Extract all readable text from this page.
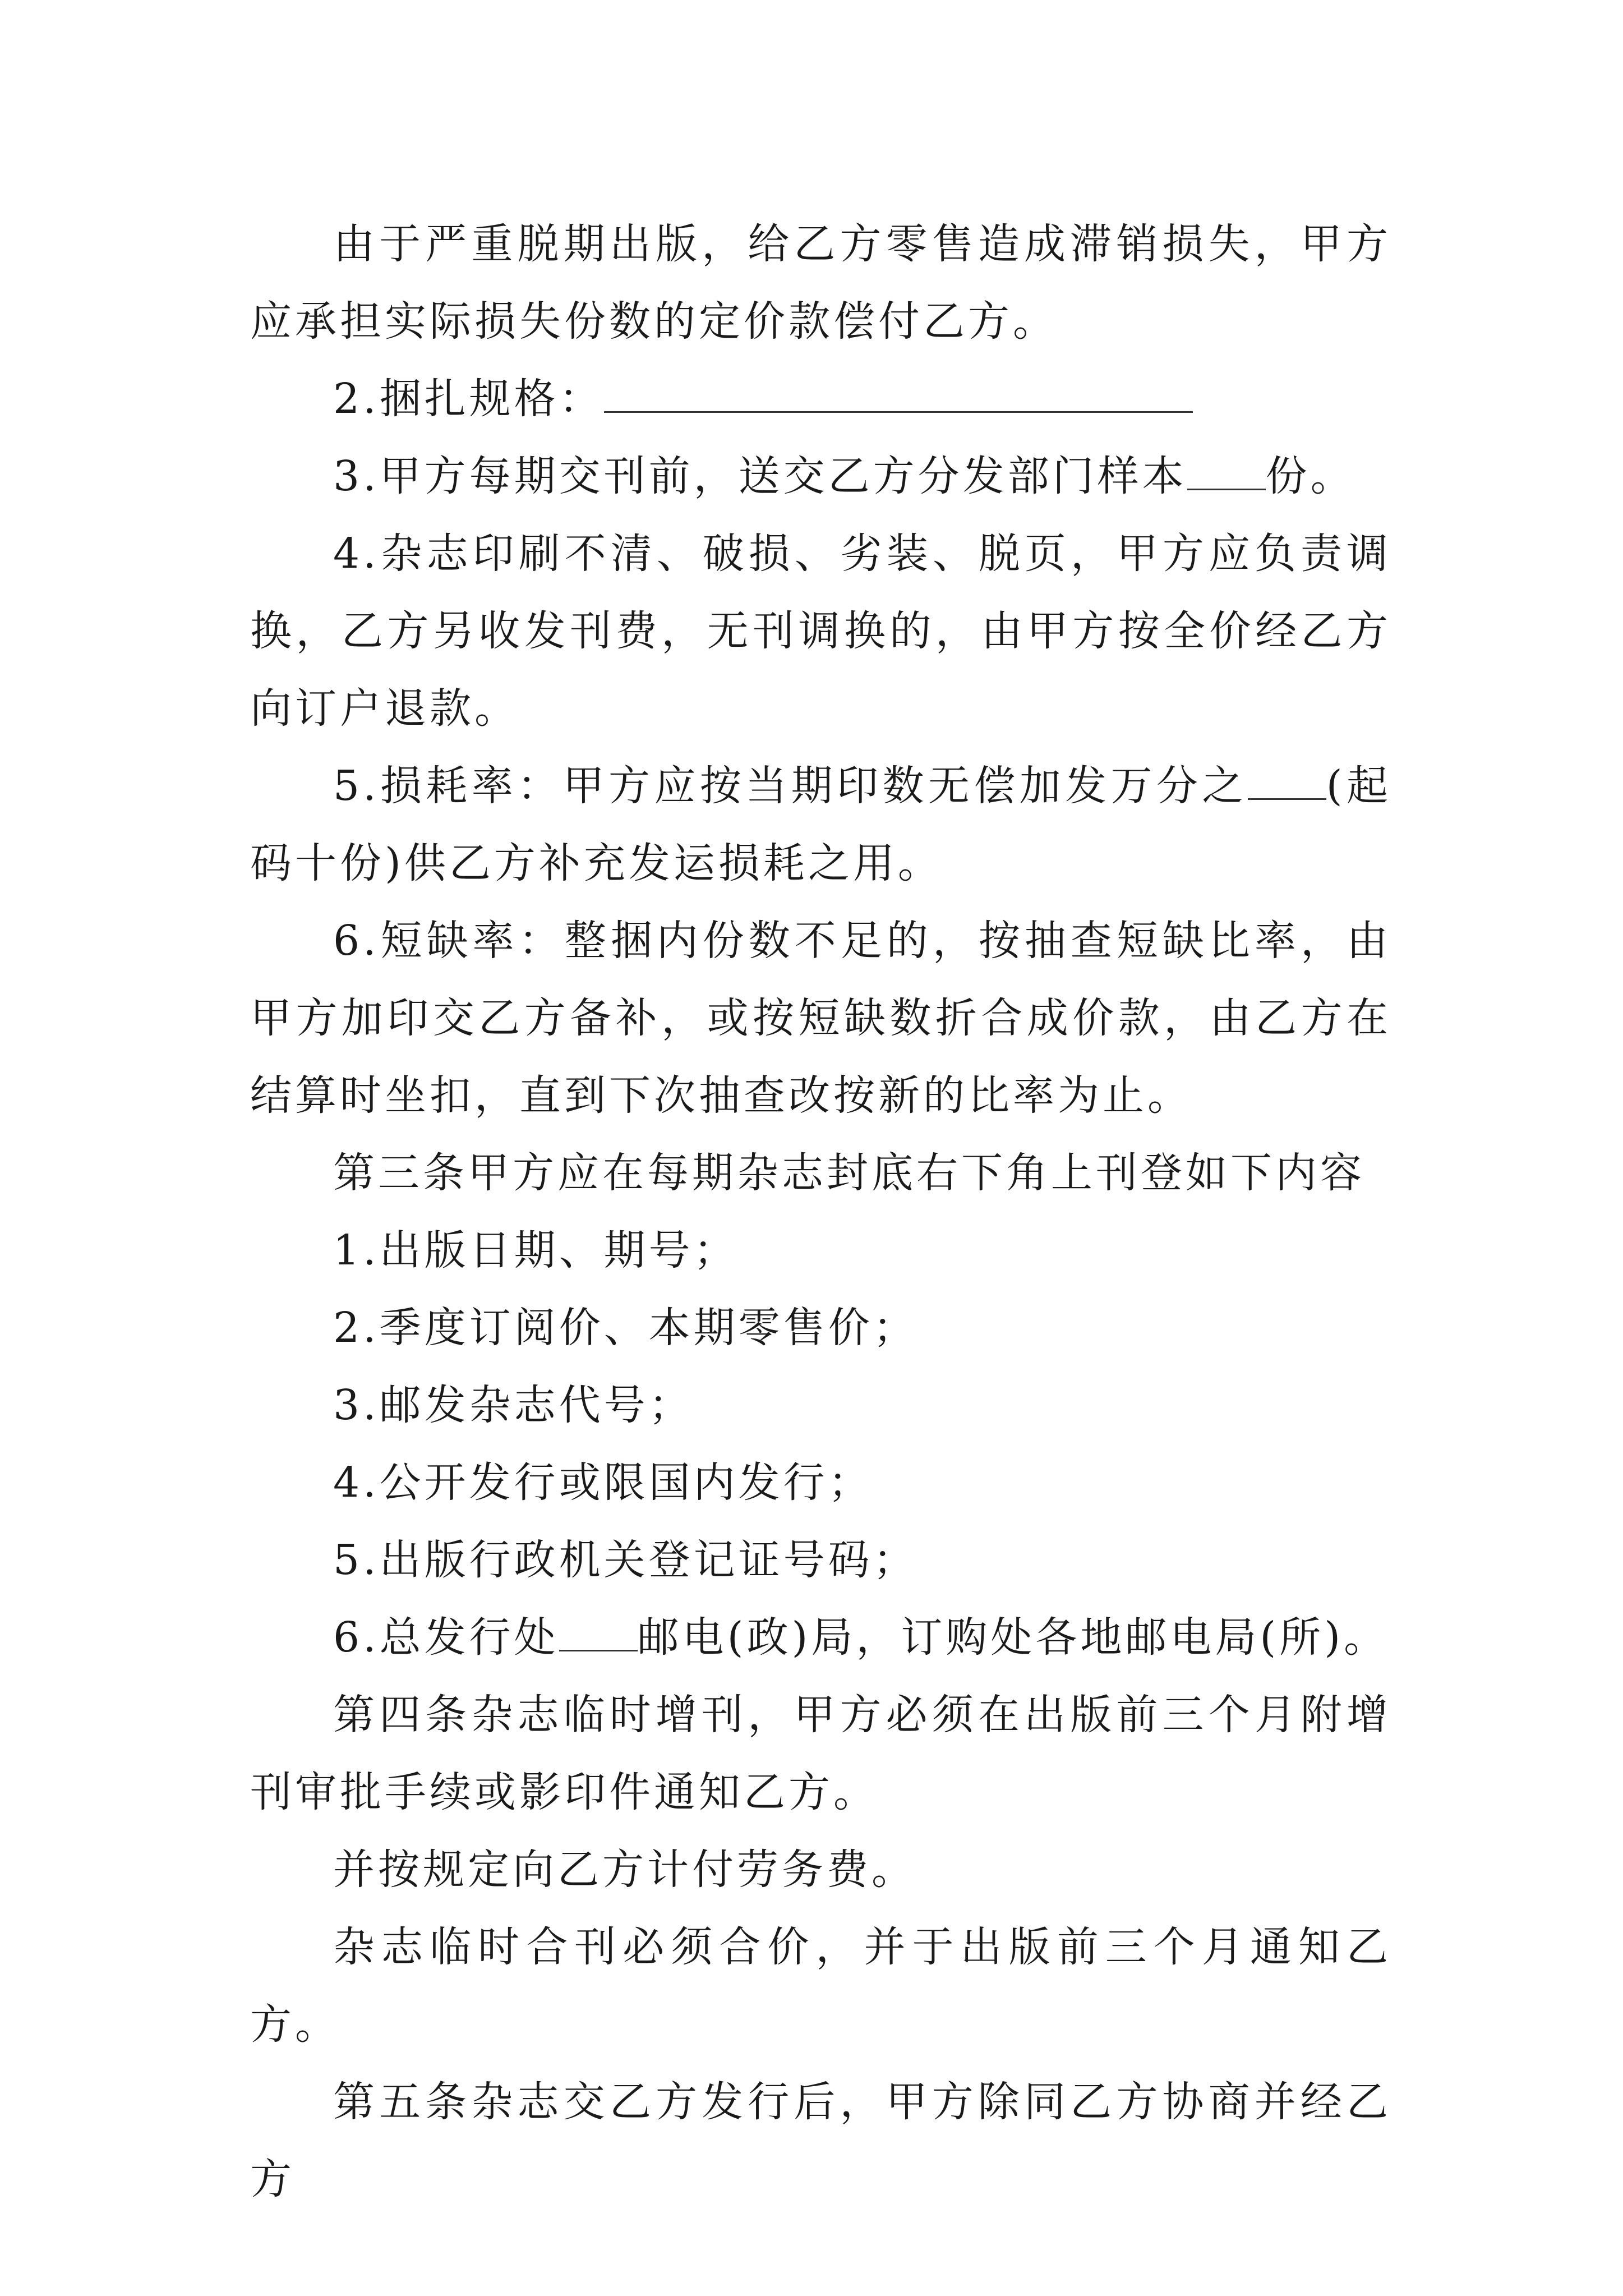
由于严重脱期出版，给乙方零售造成滞销损失，甲方应承担实际损失份数的定价款偿付乙方。

2.捆扎规格：

3.甲方每期交刊前，送交乙方分发部门样本 份。

4.杂志印刷不清、破损、劣装、脱页，甲方应负责调换，乙方另收发刊费，无刊调换的，由甲方按全价经乙方向订户退款。

5.损耗率：甲方应按当期印数无偿加发万分之 (起码十份)供乙方补充发运损耗之用。

6.短缺率：整捆内份数不足的，按抽查短缺比率，由甲方加印交乙方备补，或按短缺数折合成价款，由乙方在结算时坐扣，直到下次抽查改按新的比率为止。

第三条甲方应在每期杂志封底右下角上刊登如下内容

1.出版日期、期号；

2.季度订阅价、本期零售价；

3.邮发杂志代号；

4.公开发行或限国内发行；

5.出版行政机关登记证号码；

6.总发行处 邮电(政)局，订购处各地邮电局(所)。

第四条杂志临时增刊，甲方必须在出版前三个月附增刊审批手续或影印件通知乙方。

并按规定向乙方计付劳务费。

杂志临时合刊必须合价，并于出版前三个月通知乙方。

第五条杂志交乙方发行后，甲方除同乙方协商并经乙方
